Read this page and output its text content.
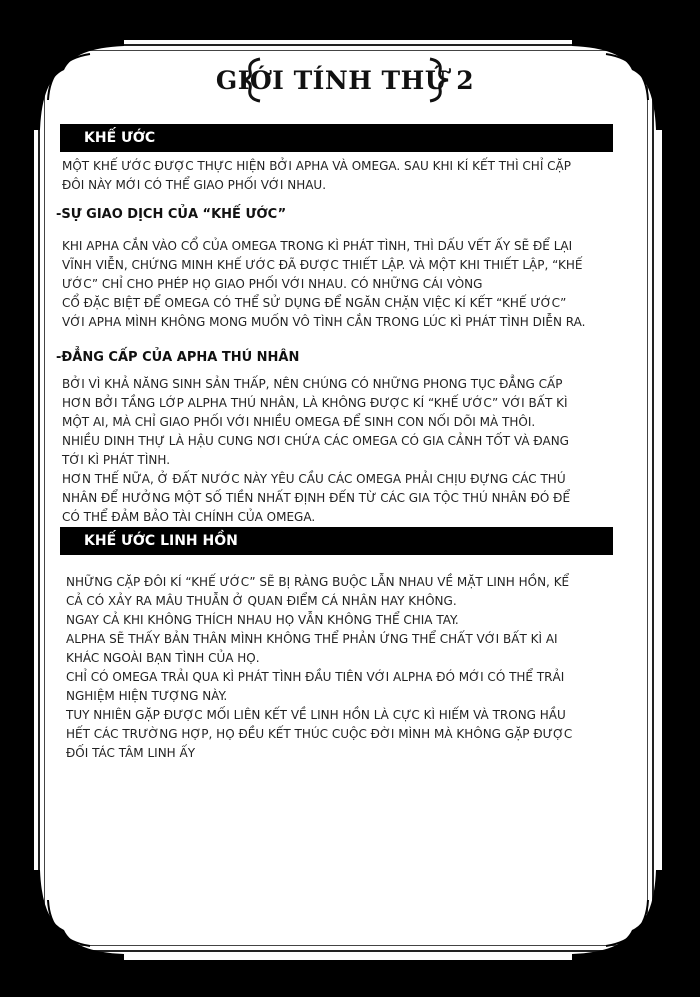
GIỚI TÍNH THỨ 2
KHẾ ƯỚC
MỘT KHẾ ƯỚC ĐƯỢC THỰC HIỆN BỞI APHA VÀ OMEGA. SAU KHI KÍ KẾT THÌ CHỈ CẶP
ĐÔI NÀY MỚI CÓ THỂ GIAO PHỐI VỚI NHAU.
-SỰ GIAO DỊCH CỦA “KHẾ ƯỚC”
KHI APHA CẮN VÀO CỔ CỦA OMEGA TRONG KÌ PHÁT TÌNH, THÌ DẤU VẾT ẤY SẼ ĐỂ LẠI
VĨNH VIỄN, CHỨNG MINH KHẾ ƯỚC ĐÃ ĐƯỢC THIẾT LẬP. VÀ MỘT KHI THIẾT LẬP, “KHẾ
ƯỚC” CHỈ CHO PHÉP HỌ GIAO PHỐI VỚI NHAU. CÓ NHỮNG CÁI VÒNG
CỔ ĐẶC BIỆT ĐỂ OMEGA CÓ THỂ SỬ DỤNG ĐỂ NGĂN CHẶN VIỆC KÍ KẾT “KHẾ ƯỚC”
VỚI APHA MÌNH KHÔNG MONG MUỐN VÔ TÌNH CẮN TRONG LÚC KÌ PHÁT TÌNH DIỄN RA.
-ĐẲNG CẤP CỦA APHA THÚ NHÂN
BỞI VÌ KHẢ NĂNG SINH SẢN THẤP, NÊN CHÚNG CÓ NHỮNG PHONG TỤC ĐẲNG CẤP
HƠN BỞI TẦNG LỚP ALPHA THÚ NHÂN, LÀ KHÔNG ĐƯỢC KÍ “KHẾ ƯỚC” VỚI BẤT KÌ
MỘT AI, MÀ CHỈ GIAO PHỐI VỚI NHIỀU OMEGA ĐỂ SINH CON NỐI DÕI MÀ THÔI.
NHIỀU DINH THỰ LÀ HẬU CUNG NƠI CHỨA CÁC OMEGA CÓ GIA CẢNH TỐT VÀ ĐANG
TỚI KÌ PHÁT TÌNH.
HƠN THẾ NỮA, Ở ĐẤT NƯỚC NÀY YÊU CẦU CÁC OMEGA PHẢI CHỊU ĐỰNG CÁC THÚ
NHÂN ĐỂ HƯỞNG MỘT SỐ TIỀN NHẤT ĐỊNH ĐẾN TỪ CÁC GIA TỘC THÚ NHÂN ĐÓ ĐỂ
CÓ THỂ ĐẢM BẢO TÀI CHÍNH CỦA OMEGA.
KHẾ ƯỚC LINH HỒN
NHỮNG CẶP ĐÔI KÍ “KHẾ ƯỚC” SẼ BỊ RÀNG BUỘC LẪN NHAU VỀ MẶT LINH HỒN, KỂ
CẢ CÓ XẢY RA MÂU THUẪN Ở QUAN ĐIỂM CÁ NHÂN HAY KHÔNG.
NGAY CẢ KHI KHÔNG THÍCH NHAU HỌ VẪN KHÔNG THỂ CHIA TAY.
ALPHA SẼ THẤY BẢN THÂN MÌNH KHÔNG THỂ PHẢN ỨNG THỂ CHẤT VỚI BẤT KÌ AI
KHÁC NGOÀI BẠN TÌNH CỦA HỌ.
CHỈ CÓ OMEGA TRẢI QUA KÌ PHÁT TÌNH ĐẦU TIÊN VỚI ALPHA ĐÓ MỚI CÓ THỂ TRẢI
NGHIỆM HIỆN TƯỢNG NÀY.
TUY NHIÊN GẶP ĐƯỢC MỐI LIÊN KẾT VỀ LINH HỒN LÀ CỰC KÌ HIẾM VÀ TRONG HẦU
HẾT CÁC TRƯỜNG HỢP, HỌ ĐỀU KẾT THÚC CUỘC ĐỜI MÌNH MÀ KHÔNG GẶP ĐƯỢC
ĐỐI TÁC TÂM LINH ẤY
